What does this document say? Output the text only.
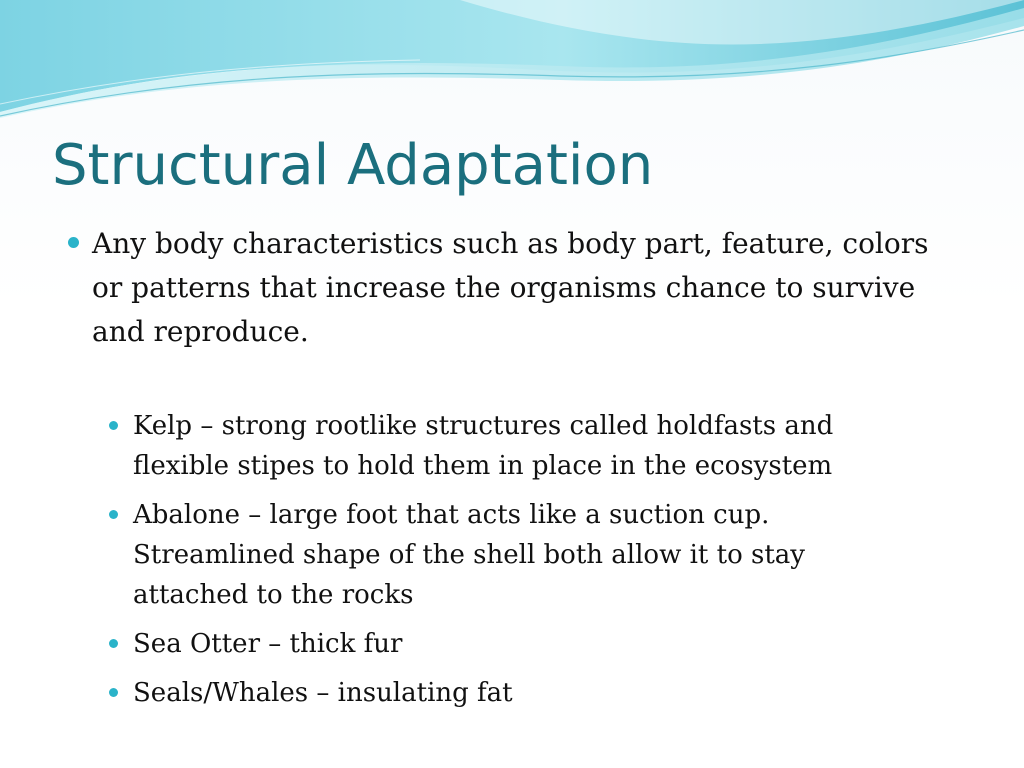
Structural Adaptation
Any body characteristics such as body part, feature, colors or patterns that increase the organisms chance to survive and reproduce.
Kelp – strong rootlike structures called holdfasts and flexible stipes to hold them in place in the ecosystem
Abalone – large foot that acts like a suction cup. Streamlined shape of the shell both allow it to stay attached to the rocks
Sea Otter – thick fur
Seals/Whales – insulating fat
